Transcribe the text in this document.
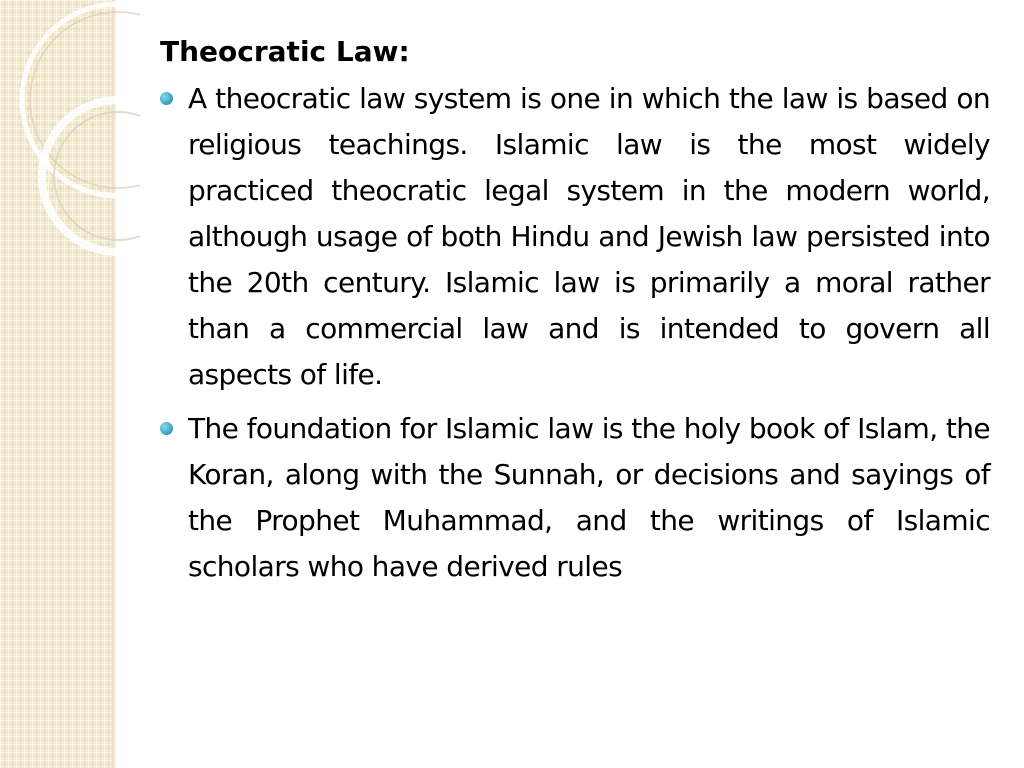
Theocratic Law:
A theocratic law system is one in which the law is based on religious teachings. Islamic law is the most widely practiced theocratic legal system in the modern world, although usage of both Hindu and Jewish law persisted into the 20th century. Islamic law is primarily a moral rather than a commercial law and is intended to govern all aspects of life.
The foundation for Islamic law is the holy book of Islam, the Koran, along with the Sunnah, or decisions and sayings of the Prophet Muhammad, and the writings of Islamic scholars who have derived rules
